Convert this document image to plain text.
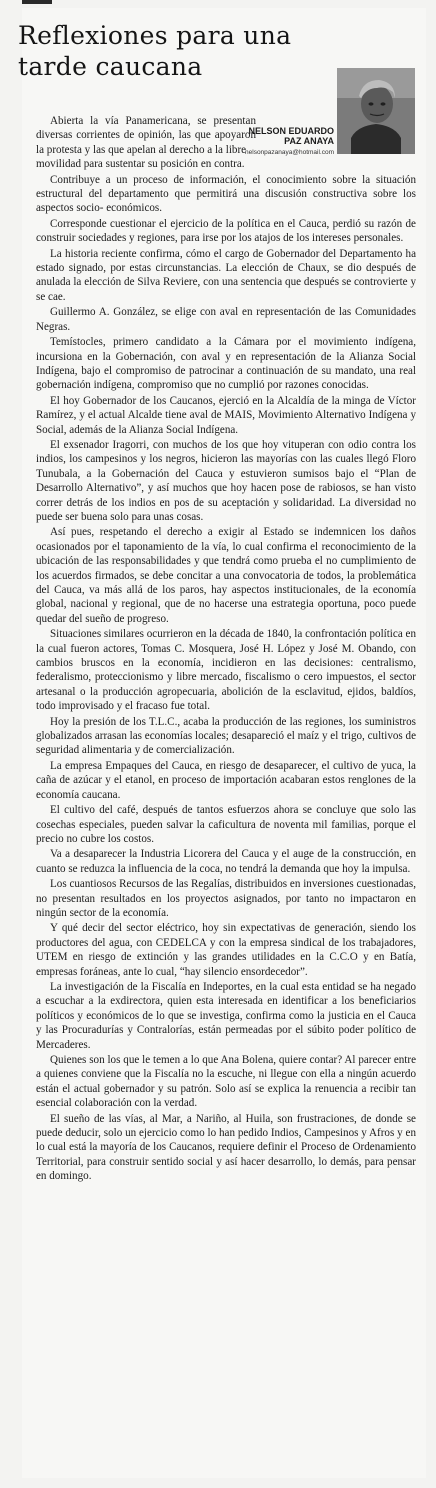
Reflexiones para una tarde caucana
NELSON EDUARDO
PAZ ANAYA
nelsonpazanaya@hotmail.com

Abierta la vía Panamericana, se presentan diversas corrientes de opinión, las que apoyaron la protesta y las que apelan al derecho a la libre

movilidad para sustentar su posición en contra.

Contribuye a un proceso de información, el conocimiento sobre la situación estructural del departamento que permitirá una discusión constructiva sobre los aspectos socio- económicos.

Corresponde cuestionar el ejercicio de la política en el Cauca, perdió su razón de construir sociedades y regiones, para irse por los atajos de los intereses personales.

La historia reciente confirma, cómo el cargo de Gobernador del Departamento ha estado signado, por estas circunstancias. La elección de Chaux, se dio después de anulada la elección de Silva Reviere, con una sentencia que después se controvierte y se cae.

Guillermo A. González, se elige con aval en representación de las Comunidades Negras.

Temístocles, primero candidato a la Cámara por el movimiento indígena, incursiona en la Gobernación, con aval y en representación de la Alianza Social Indígena, bajo el compromiso de patrocinar a continuación de su mandato, una real gobernación indígena, compromiso que no cumplió por razones conocidas.

El hoy Gobernador de los Caucanos, ejerció en la Alcaldía de la minga de Víctor Ramírez, y el actual Alcalde tiene aval de MAIS, Movimiento Alternativo Indígena y Social, además de la Alianza Social Indígena.

El exsenador Iragorri, con muchos de los que hoy vituperan con odio contra los indios, los campesinos y los negros, hicieron las mayorías con las cuales llegó Floro Tunubala, a la Gobernación del Cauca y estuvieron sumisos bajo el “Plan de Desarrollo Alternativo”, y así muchos que hoy hacen pose de rabiosos, se han visto correr detrás de los indios en pos de su aceptación y solidaridad. La diversidad no puede ser buena solo para unas cosas.

Así pues, respetando el derecho a exigir al Estado se indemnicen los daños ocasionados por el taponamiento de la vía, lo cual confirma el reconocimiento de la ubicación de las responsabilidades y que tendrá como prueba el no cumplimiento de los acuerdos firmados, se debe concitar a una convocatoria de todos, la problemática del Cauca, va más allá de los paros, hay aspectos institucionales, de la economía global, nacional y regional, que de no hacerse una estrategia oportuna, poco puede quedar del sueño de progreso.

Situaciones similares ocurrieron en la década de 1840, la confrontación política en la cual fueron actores, Tomas C. Mosquera, José H. López y José M. Obando, con cambios bruscos en la economía, incidieron en las decisiones: centralismo, federalismo, proteccionismo y libre mercado, fiscalismo o cero impuestos, el sector artesanal o la producción agropecuaria, abolición de la esclavitud, ejidos, baldíos, todo improvisado y el fracaso fue total.

Hoy la presión de los T.L.C., acaba la producción de las regiones, los suministros globalizados arrasan las economías locales; desapareció el maíz y el trigo, cultivos de seguridad alimentaria y de comercialización.

La empresa Empaques del Cauca, en riesgo de desaparecer, el cultivo de yuca, la caña de azúcar y el etanol, en proceso de importación acabaran estos renglones de la economía caucana.

El cultivo del café, después de tantos esfuerzos ahora se concluye que solo las cosechas especiales, pueden salvar la caficultura de noventa mil familias, porque el precio no cubre los costos.

Va a desaparecer la Industria Licorera del Cauca y el auge de la construcción, en cuanto se reduzca la influencia de la coca, no tendrá la demanda que hoy la impulsa.

Los cuantiosos Recursos de las Regalías, distribuidos en inversiones cuestionadas, no presentan resultados en los proyectos asignados, por tanto no impactaron en ningún sector de la economía.

Y qué decir del sector eléctrico, hoy sin expectativas de generación, siendo los productores del agua, con CEDELCA y con la empresa sindical de los trabajadores, UTEM en riesgo de extinción y las grandes utilidades en la C.C.O y en Batía, empresas foráneas, ante lo cual, “hay silencio ensordecedor”.

La investigación de la Fiscalía en Indeportes, en la cual esta entidad se ha negado a escuchar a la exdirectora, quien esta interesada en identificar a los beneficiarios políticos y económicos de lo que se investiga, confirma como la justicia en el Cauca y las Procuradurías y Contralorías, están permeadas por el súbito poder político de Mercaderes.

Quienes son los que le temen a lo que Ana Bolena, quiere contar? Al parecer entre a quienes conviene que la Fiscalía no la escuche, ni llegue con ella a ningún acuerdo están el actual gobernador y su patrón. Solo así se explica la renuencia a recibir tan esencial colaboración con la verdad.

El sueño de las vías, al Mar, a Nariño, al Huila, son frustraciones, de donde se puede deducir, solo un ejercicio como lo han pedido Indios, Campesinos y Afros y en lo cual está la mayoría de los Caucanos, requiere definir el Proceso de Ordenamiento Territorial, para construir sentido social y así hacer desarrollo, lo demás, para pensar en domingo.
